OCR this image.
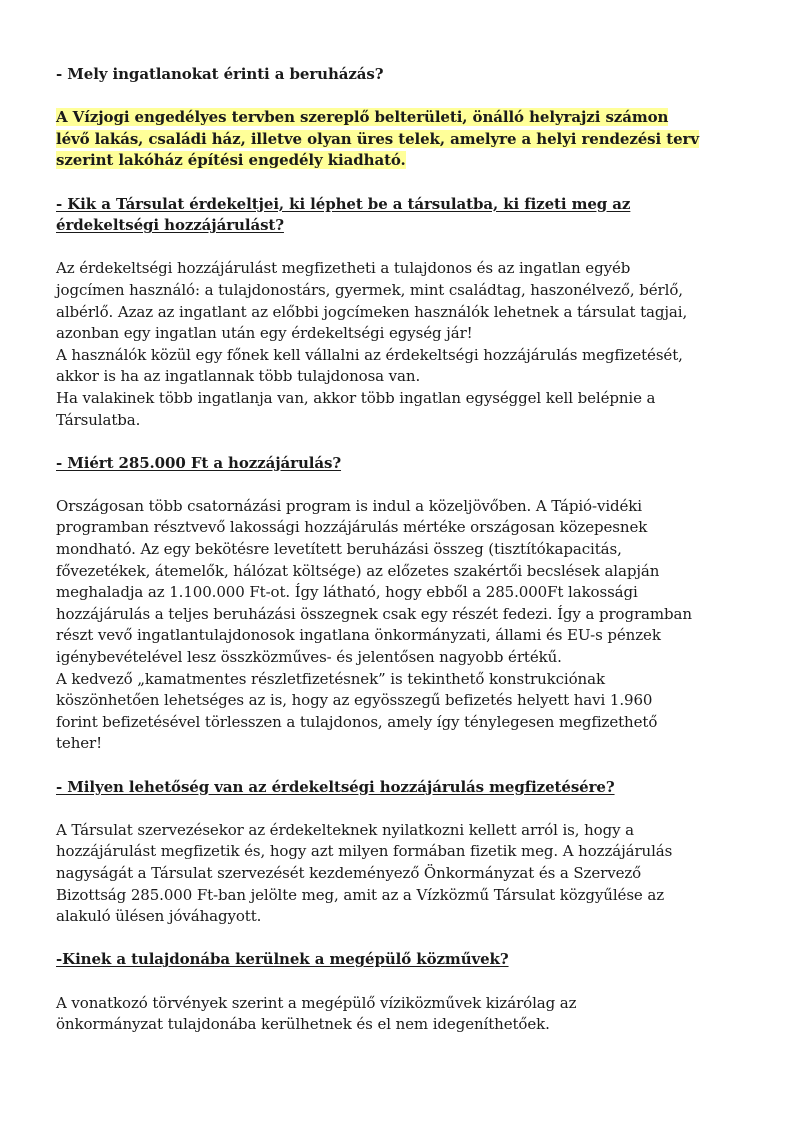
- Mely ingatlanokat érinti a beruházás?
A Vízjogi engedélyes tervben szereplő belterületi, önálló helyrajzi számon
lévő lakás, családi ház, illetve olyan üres telek, amelyre a helyi rendezési terv
szerint lakóház építési engedély kiadható.
- Kik a Társulat érdekeltjei, ki léphet be a társulatba, ki fizeti meg az
érdekeltségi hozzájárulást?
Az érdekeltségi hozzájárulást megfizetheti a tulajdonos és az ingatlan egyéb
jogcímen használó: a tulajdonostárs, gyermek, mint családtag, haszonélvező, bérlő,
albérlő. Azaz az ingatlant az előbbi jogcímeken használók lehetnek a társulat tagjai,
azonban egy ingatlan után egy érdekeltségi egység jár!
A használók közül egy főnek kell vállalni az érdekeltségi hozzájárulás megfizetését,
akkor is ha az ingatlannak több tulajdonosa van.
Ha valakinek több ingatlanja van, akkor több ingatlan egységgel kell belépnie a
Társulatba.
- Miért 285.000 Ft a hozzájárulás?
Országosan több csatornázási program is indul a közeljövőben. A Tápió-vidéki
programban résztvevő lakossági hozzájárulás mértéke országosan közepesnek
mondható. Az egy bekötésre levetített beruházási összeg (tisztítókapacitás,
fővezetékek, átemelők, hálózat költsége) az előzetes szakértői becslések alapján
meghaladja az 1.100.000 Ft-ot. Így látható, hogy ebből a 285.000Ft lakossági
hozzájárulás a teljes beruházási összegnek csak egy részét fedezi. Így a programban
részt vevő ingatlantulajdonosok ingatlana önkormányzati, állami és EU-s pénzek
igénybevételével lesz összközműves- és jelentősen nagyobb értékű.
A kedvező „kamatmentes részletfizetésnek” is tekinthető konstrukciónak
köszönhetően lehetséges az is, hogy az egyösszegű befizetés helyett havi 1.960
forint befizetésével törlesszen a tulajdonos, amely így ténylegesen megfizethető
teher!
- Milyen lehetőség van az érdekeltségi hozzájárulás megfizetésére?
A Társulat szervezésekor az érdekelteknek nyilatkozni kellett arról is, hogy a
hozzájárulást megfizetik és, hogy azt milyen formában fizetik meg. A hozzájárulás
nagyságát a Társulat szervezését kezdeményező Önkormányzat és a Szervező
Bizottság 285.000 Ft-ban jelölte meg, amit az a Vízközmű Társulat közgyűlése az
alakuló ülésen jóváhagyott.
-Kinek a tulajdonába kerülnek a megépülő közművek?
A vonatkozó törvények szerint a megépülő víziközművek kizárólag az
önkormányzat tulajdonába kerülhetnek és el nem idegeníthetőek.
